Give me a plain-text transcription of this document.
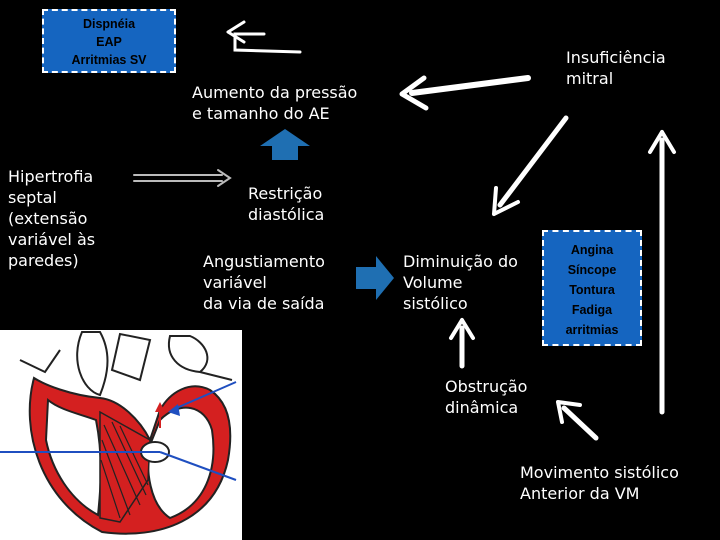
Dispnéia
EAP
Arritmias SV
Aumento da pressão
e tamanho do AE
Insuficiência
mitral
Hipertrofia
septal
(extensão
variável às
paredes)
Restrição
diastólica
Angustiamento
variável
da via de saída
Diminuição do
Volume
sistólico
Angina
Síncope
Tontura
Fadiga
arritmias
Obstrução
dinâmica
Movimento sistólico
Anterior da VM
